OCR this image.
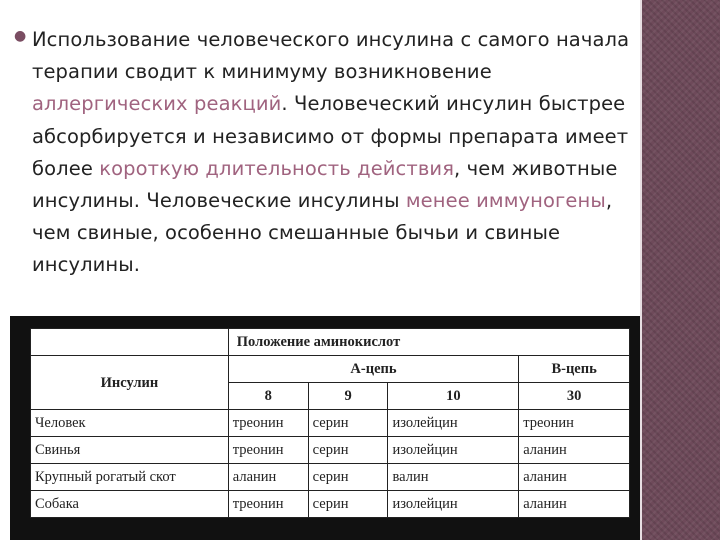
● Использование человеческого инсулина с самого начала терапии сводит к минимуму возникновение аллергических реакций. Человеческий инсулин быстрее абсорбируется и независимо от формы препарата имеет более короткую длительность действия, чем животные инсулины. Человеческие инсулины менее иммуногены, чем свиные, особенно смешанные бычьи и свиные инсулины.

	Положение аминокислот			
Инсулин	А-цепь			В-цепь
	8	9	10	30
Человек	треонин	серин	изолейцин	треонин
Свинья	треонин	серин	изолейцин	аланин
Крупный рогатый скот	аланин	серин	валин	аланин
Собака	треонин	серин	изолейцин	аланин
